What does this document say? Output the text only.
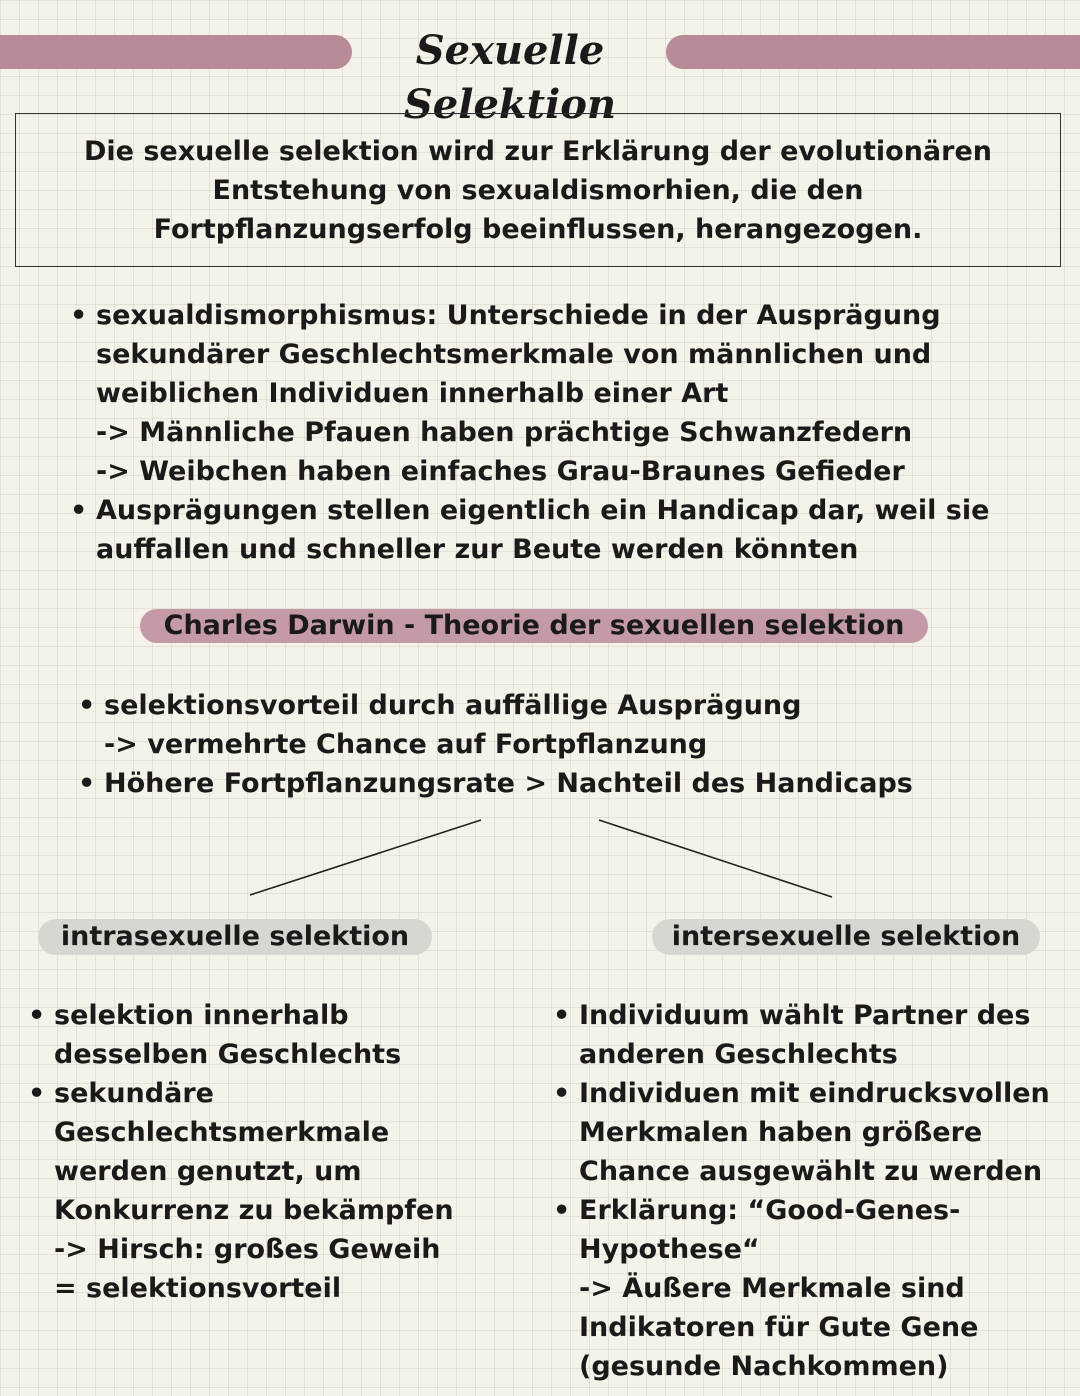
Sexuelle Selektion
Die sexuelle selektion wird zur Erklärung der evolutionären Entstehung von sexualdismorhien, die den Fortpflanzungserfolg beeinflussen, herangezogen.
• sexualdismorphismus: Unterschiede in der Ausprägung sekundärer Geschlechtsmerkmale von männlichen und weiblichen Individuen innerhalb einer Art
-> Männliche Pfauen haben prächtige Schwanzfedern
-> Weibchen haben einfaches Grau-Braunes Gefieder
• Ausprägungen stellen eigentlich ein Handicap dar, weil sie auffallen und schneller zur Beute werden könnten
Charles Darwin - Theorie der sexuellen selektion
• selektionsvorteil durch auffällige Ausprägung
-> vermehrte Chance auf Fortpflanzung
• Höhere Fortpflanzungsrate > Nachteil des Handicaps
intrasexuelle selektion	intersexuelle selektion
• selektion innerhalb desselben Geschlechts
• sekundäre Geschlechtsmerkmale werden genutzt, um Konkurrenz zu bekämpfen
-> Hirsch: großes Geweih
= selektionsvorteil
• Individuum wählt Partner des anderen Geschlechts
• Individuen mit eindrucksvollen Merkmalen haben größere Chance ausgewählt zu werden
• Erklärung: “Good-Genes-Hypothese“
-> Äußere Merkmale sind Indikatoren für Gute Gene (gesunde Nachkommen)
